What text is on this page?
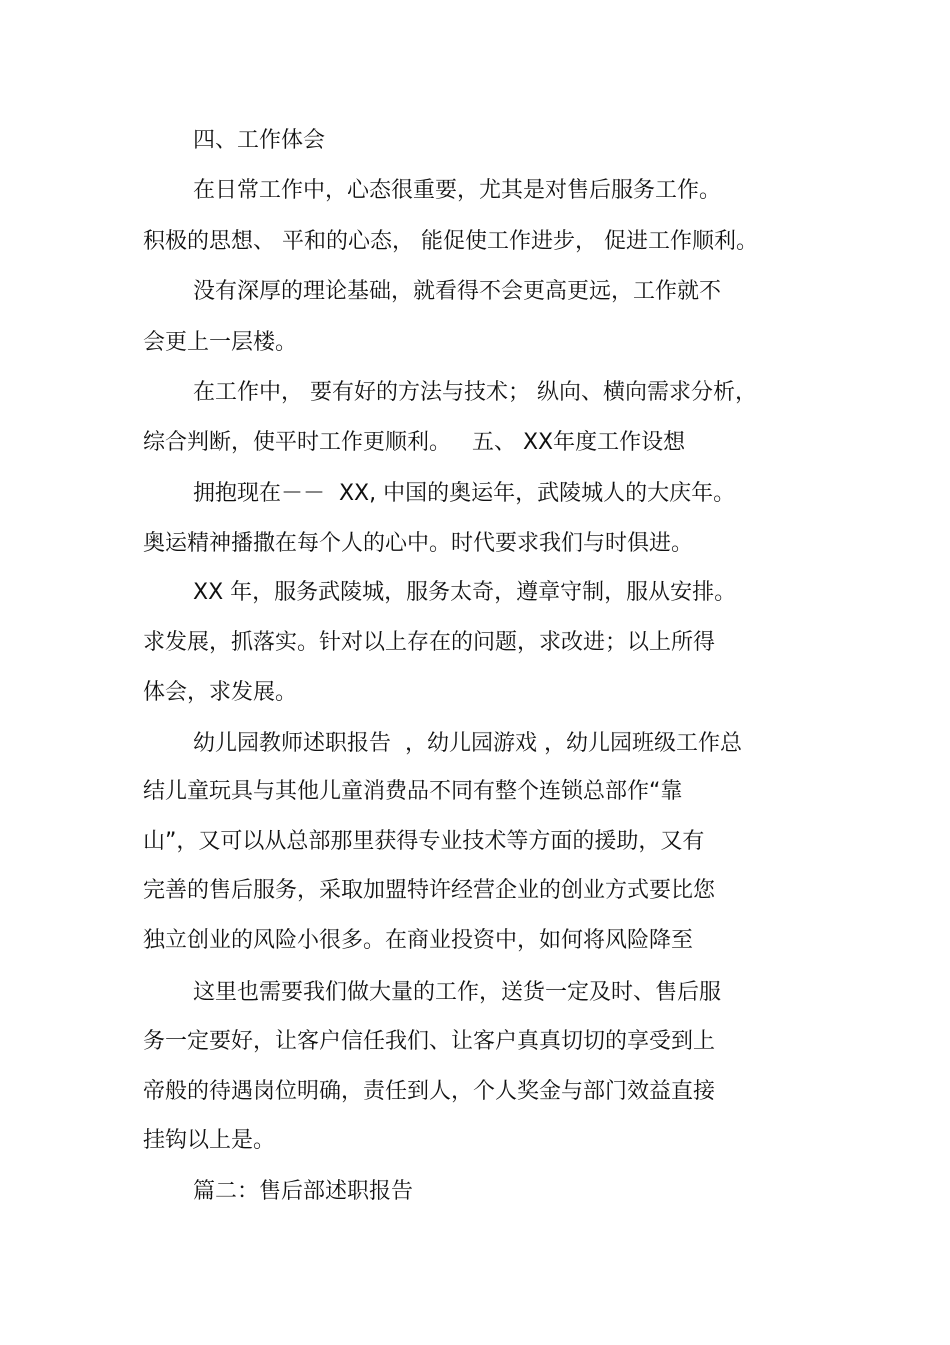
四、工作体会
在日常工作中，心态很重要，尤其是对售后服务工作。
积极的思想、 平和的心态， 能促使工作进步， 促进工作顺利。
没有深厚的理论基础，就看得不会更高更远，工作就不
会更上一层楼。
在工作中， 要有好的方法与技术； 纵向、横向需求分析，
综合判断，使平时工作更顺利。   五、 XX年度工作设想
拥抱现在－－  XX, 中国的奥运年，武陵城人的大庆年。
奥运精神播撒在每个人的心中。时代要求我们与时俱进。
XX 年，服务武陵城，服务太奇，遵章守制，服从安排。
求发展，抓落实。针对以上存在的问题，求改进；以上所得
体会，求发展。
幼儿园教师述职报告  ，幼儿园游戏 ，幼儿园班级工作总
结儿童玩具与其他儿童消费品不同有整个连锁总部作“靠
山”，又可以从总部那里获得专业技术等方面的援助，又有
完善的售后服务，采取加盟特许经营企业的创业方式要比您
独立创业的风险小很多。在商业投资中，如何将风险降至
这里也需要我们做大量的工作，送货一定及时、售后服
务一定要好，让客户信任我们、让客户真真切切的享受到上
帝般的待遇岗位明确，责任到人，个人奖金与部门效益直接
挂钩以上是。
篇二：售后部述职报告
